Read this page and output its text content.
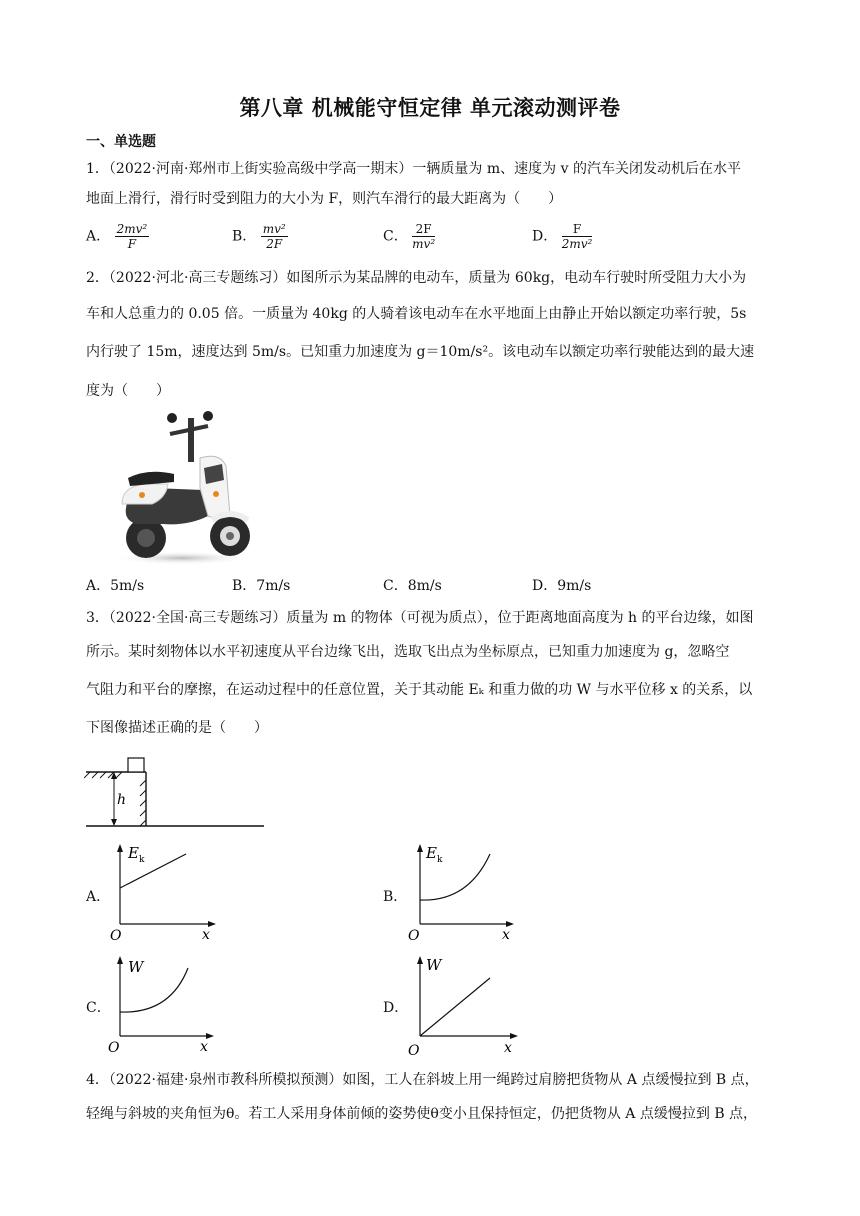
第八章 机械能守恒定律 单元滚动测评卷
一、单选题
1．（2022·河南·郑州市上街实验高级中学高一期末）一辆质量为 m、速度为 v 的汽车关闭发动机后在水平
地面上滑行，滑行时受到阻力的大小为 F，则汽车滑行的最大距离为（　　）
A． $\frac{\text{2mv²}}{F}$	B． $\frac{\text{mv²}}{2F}$	C． $\frac{2F}{\text{mv²}}$	D． $\frac{F}{\text{2mv²}}$
2．（2022·河北·高三专题练习）如图所示为某品牌的电动车，质量为 60kg，电动车行驶时所受阻力大小为
车和人总重力的 0.05 倍。一质量为 40kg 的人骑着该电动车在水平地面上由静止开始以额定功率行驶，5s
内行驶了 15m，速度达到 5m/s。已知重力加速度为 g＝10m/s²。该电动车以额定功率行驶能达到的最大速
度为（　　）
A．5m/s	B．7m/s	C．8m/s	D．9m/s
3．（2022·全国·高三专题练习）质量为 m 的物体（可视为质点），位于距离地面高度为 h 的平台边缘，如图
所示。某时刻物体以水平初速度从平台边缘飞出，选取飞出点为坐标原点，已知重力加速度为 g，忽略空
气阻力和平台的摩擦，在运动过程中的任意位置，关于其动能 Eₖ 和重力做的功 W 与水平位移 x 的关系，以
下图像描述正确的是（　　）
h
A．
E k
x
O
B．
E k
x
O
C．
W
x
O
D．
W
x
O
4．（2022·福建·泉州市教科所模拟预测）如图，工人在斜坡上用一绳跨过肩膀把货物从 A 点缓慢拉到 B 点，
轻绳与斜坡的夹角恒为θ。若工人采用身体前倾的姿势使θ变小且保持恒定，仍把货物从 A 点缓慢拉到 B 点，
